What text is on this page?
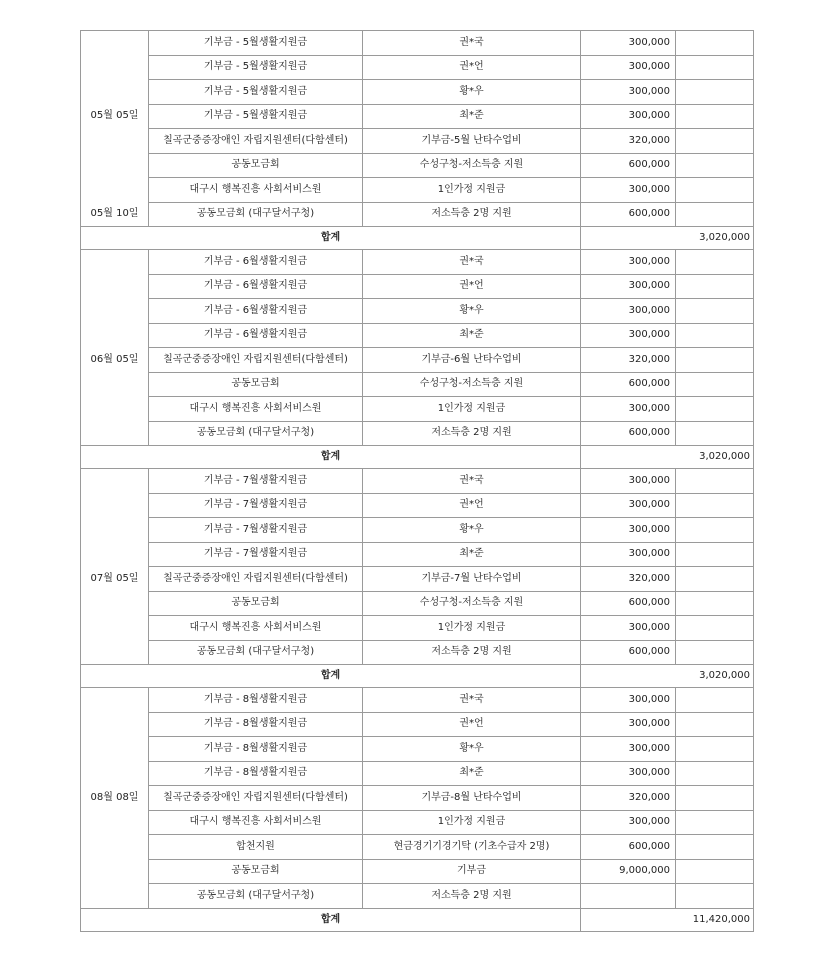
	기부금 - 5월생활지원금	권*국	300,000	
	기부금 - 5월생활지원금	권*언	300,000	
	기부금 - 5월생활지원금	황*우	300,000	
05월 05일	기부금 - 5월생활지원금	최*준	300,000	
	칠곡군중증장애인 자립지원센터(다함센터)	기부금-5월 난타수업비	320,000	
	공동모금회	수성구청-저소득층 지원	600,000	
	대구시 행복진흥 사회서비스원	1인가정 지원금	300,000	
05월 10일	공동모금회 (대구달서구청)	저소득층 2명 지원	600,000	
합계			3,020,000	
	기부금 - 6월생활지원금	권*국	300,000	
	기부금 - 6월생활지원금	권*언	300,000	
	기부금 - 6월생활지원금	황*우	300,000	
	기부금 - 6월생활지원금	최*준	300,000	
06월 05일	칠곡군중증장애인 자립지원센터(다함센터)	기부금-6월 난타수업비	320,000	
	공동모금회	수성구청-저소득층 지원	600,000	
	대구시 행복진흥 사회서비스원	1인가정 지원금	300,000	
	공동모금회 (대구달서구청)	저소득층 2명 지원	600,000	
합계			3,020,000	
	기부금 - 7월생활지원금	권*국	300,000	
	기부금 - 7월생활지원금	권*언	300,000	
	기부금 - 7월생활지원금	황*우	300,000	
	기부금 - 7월생활지원금	최*준	300,000	
07월 05일	칠곡군중증장애인 자립지원센터(다함센터)	기부금-7월 난타수업비	320,000	
	공동모금회	수성구청-저소득층 지원	600,000	
	대구시 행복진흥 사회서비스원	1인가정 지원금	300,000	
	공동모금회 (대구달서구청)	저소득층 2명 지원	600,000	
합계			3,020,000	
	기부금 - 8월생활지원금	권*국	300,000	
	기부금 - 8월생활지원금	권*언	300,000	
	기부금 - 8월생활지원금	황*우	300,000	
	기부금 - 8월생활지원금	최*준	300,000	
08월 08일	칠곡군중증장애인 자립지원센터(다함센터)	기부금-8월 난타수업비	320,000	
	대구시 행복진흥 사회서비스원	1인가정 지원금	300,000	
	합천지원	현금경기기경기탁 (기초수급자 2명)	600,000	
	공동모금회	기부금	9,000,000	
	공동모금회 (대구달서구청)	저소득층 2명 지원		
합계			11,420,000	
